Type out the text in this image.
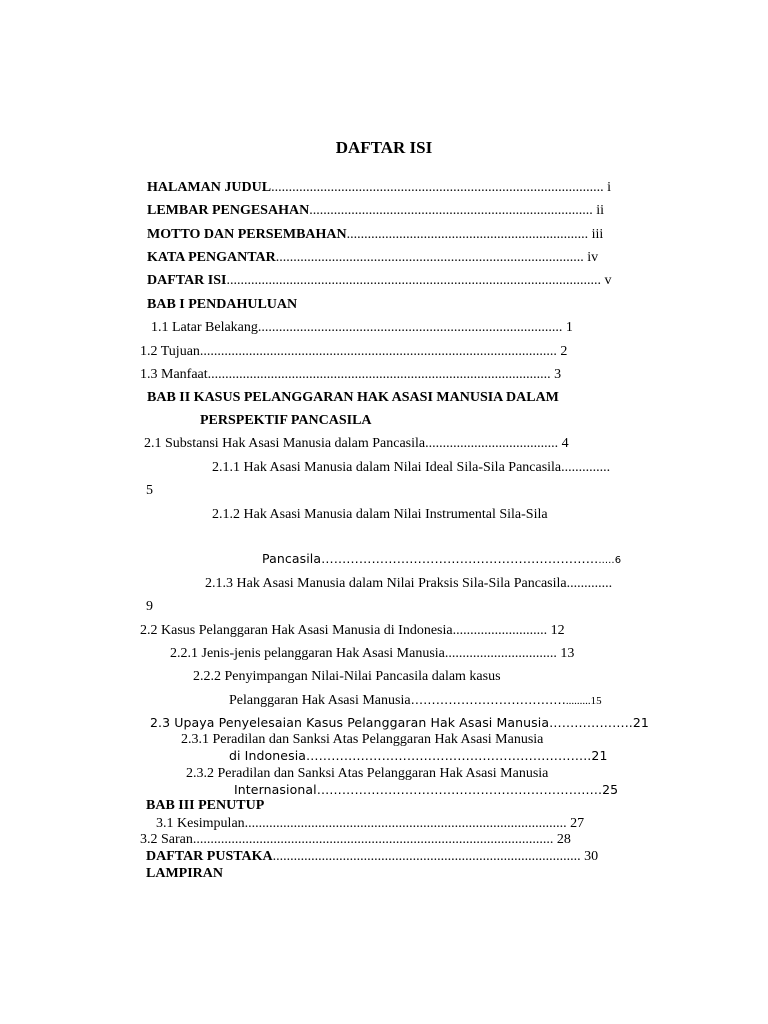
DAFTAR ISI
HALAMAN JUDUL............................................................................................... i
LEMBAR PENGESAHAN................................................................................. ii
MOTTO DAN PERSEMBAHAN..................................................................... iii
KATA PENGANTAR........................................................................................ iv
DAFTAR ISI........................................................................................................... v
BAB I PENDAHULUAN
1.1 Latar Belakang....................................................................................... 1
1.2 Tujuan...................................................................................................... 2
1.3 Manfaat.................................................................................................. 3
BAB II KASUS PELANGGARAN HAK ASASI MANUSIA DALAM
PERSPEKTIF PANCASILA
2.1 Substansi Hak Asasi Manusia dalam Pancasila...................................... 4
2.1.1 Hak Asasi Manusia dalam Nilai Ideal Sila-Sila Pancasila..............
5
2.1.2 Hak Asasi Manusia dalam Nilai Instrumental Sila-Sila
Pancasila………………………………………………………….....6
2.1.3 Hak Asasi Manusia dalam Nilai Praksis Sila-Sila Pancasila.............
9
2.2 Kasus Pelanggaran Hak Asasi Manusia di Indonesia........................... 12
2.2.1 Jenis-jenis pelanggaran Hak Asasi Manusia................................ 13
2.2.2 Penyimpangan Nilai-Nilai Pancasila dalam kasus
Pelanggaran Hak Asasi Manusia………………………………..........15
2.3 Upaya Penyelesaian Kasus Pelanggaran Hak Asasi Manusia………………..21
2.3.1 Peradilan dan Sanksi Atas Pelanggaran Hak Asasi Manusia
di Indonesia…………………………………………………………..21
2.3.2 Peradilan dan Sanksi Atas Pelanggaran Hak Asasi Manusia
Internasional…………………………………………………………..25
BAB III PENUTUP
3.1 Kesimpulan............................................................................................ 27
3.2 Saran....................................................................................................... 28
DAFTAR PUSTAKA........................................................................................ 30
LAMPIRAN
